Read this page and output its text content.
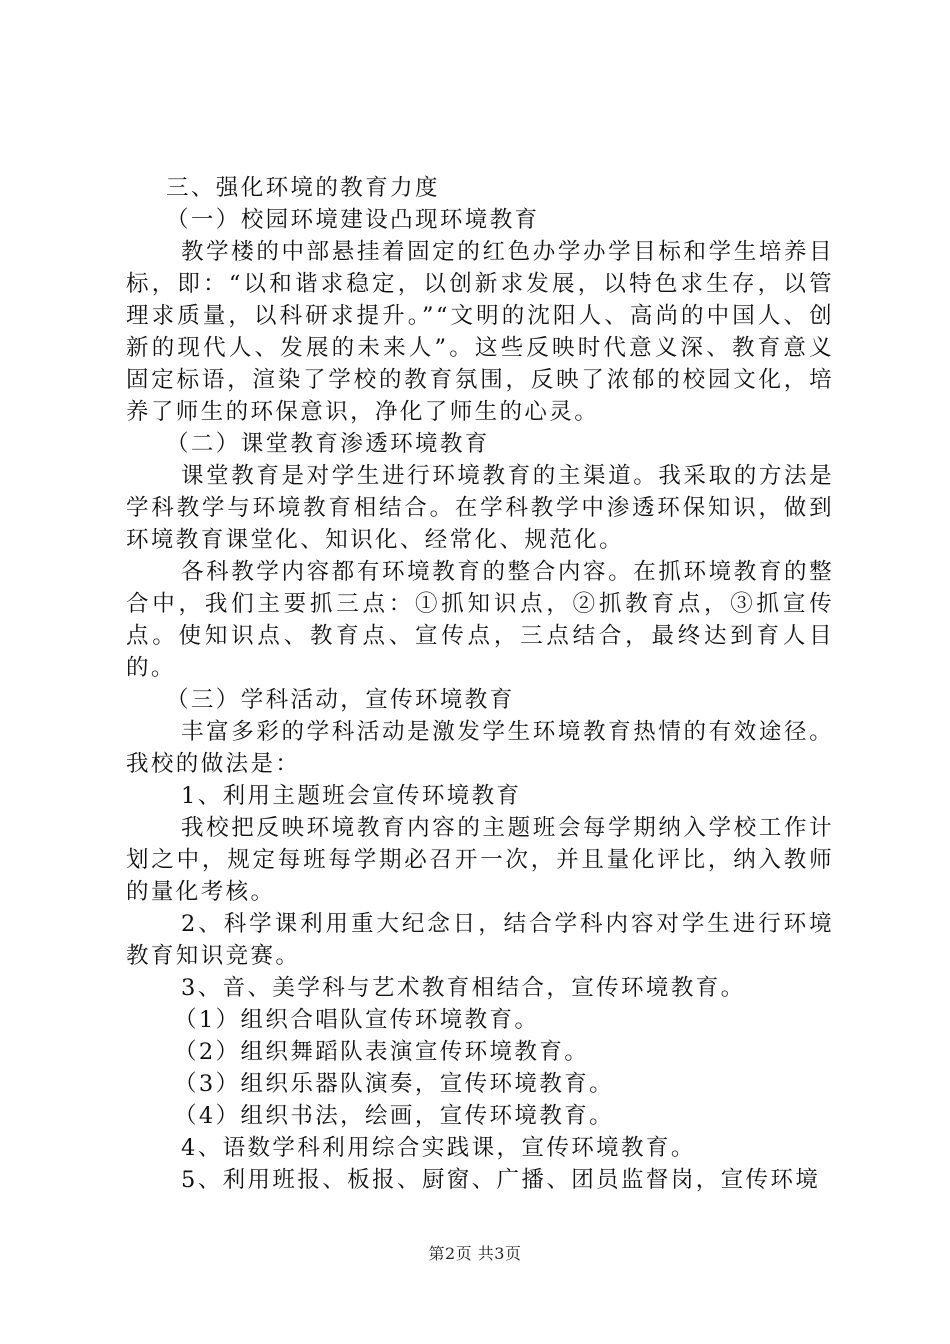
三、强化环境的教育力度

（一）校园环境建设凸现环境教育

教学楼的中部悬挂着固定的红色办学办学目标和学生培养目标，即：“以和谐求稳定，以创新求发展，以特色求生存，以管理求质量，以科研求提升。”“文明的沈阳人、高尚的中国人、创新的现代人、发展的未来人”。这些反映时代意义深、教育意义固定标语，渲染了学校的教育氛围，反映了浓郁的校园文化，培养了师生的环保意识，净化了师生的心灵。

（二）课堂教育渗透环境教育

课堂教育是对学生进行环境教育的主渠道。我采取的方法是学科教学与环境教育相结合。在学科教学中渗透环保知识，做到环境教育课堂化、知识化、经常化、规范化。

各科教学内容都有环境教育的整合内容。在抓环境教育的整合中，我们主要抓三点：①抓知识点，②抓教育点，③抓宣传点。使知识点、教育点、宣传点，三点结合，最终达到育人目的。

（三）学科活动，宣传环境教育

丰富多彩的学科活动是激发学生环境教育热情的有效途径。我校的做法是：

1、利用主题班会宣传环境教育

我校把反映环境教育内容的主题班会每学期纳入学校工作计划之中，规定每班每学期必召开一次，并且量化评比，纳入教师的量化考核。

2、科学课利用重大纪念日，结合学科内容对学生进行环境教育知识竞赛。

3、音、美学科与艺术教育相结合，宣传环境教育。

（1）组织合唱队宣传环境教育。

（2）组织舞蹈队表演宣传环境教育。

（3）组织乐器队演奏，宣传环境教育。

（4）组织书法，绘画，宣传环境教育。

4、语数学科利用综合实践课，宣传环境教育。

5、利用班报、板报、厨窗、广播、团员监督岗，宣传环境

第2页 共3页
